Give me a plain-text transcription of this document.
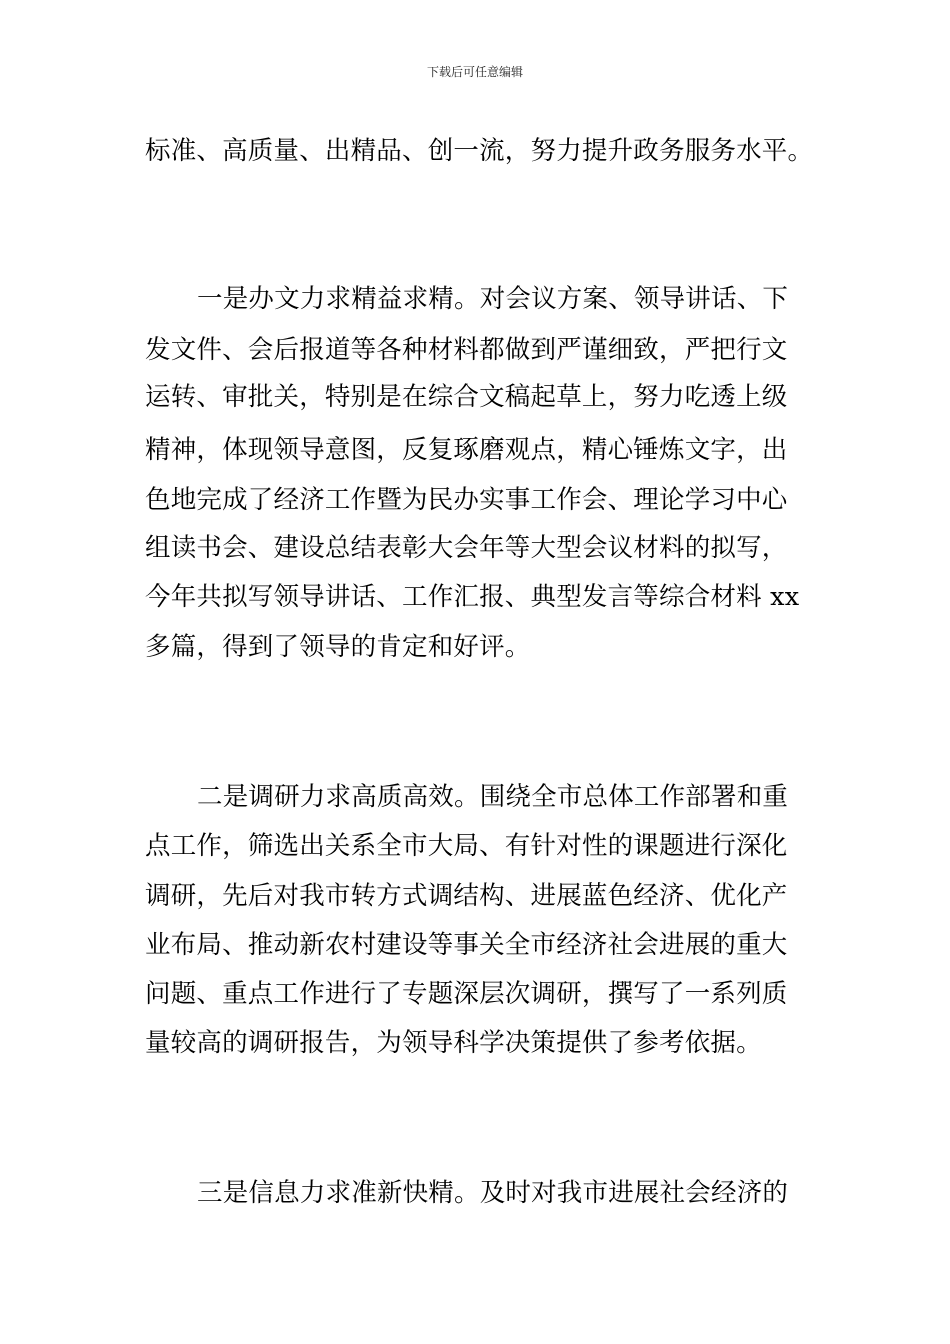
下载后可任意编辑
标准、高质量、出精品、创一流，努力提升政务服务水平。
一是办文力求精益求精。对会议方案、领导讲话、下
发文件、会后报道等各种材料都做到严谨细致，严把行文
运转、审批关，特别是在综合文稿起草上，努力吃透上级
精神，体现领导意图，反复琢磨观点，精心锤炼文字，出
色地完成了经济工作暨为民办实事工作会、理论学习中心
组读书会、建设总结表彰大会年等大型会议材料的拟写，
今年共拟写领导讲话、工作汇报、典型发言等综合材料 xx
多篇，得到了领导的肯定和好评。
二是调研力求高质高效。围绕全市总体工作部署和重
点工作，筛选出关系全市大局、有针对性的课题进行深化
调研，先后对我市转方式调结构、进展蓝色经济、优化产
业布局、推动新农村建设等事关全市经济社会进展的重大
问题、重点工作进行了专题深层次调研，撰写了一系列质
量较高的调研报告，为领导科学决策提供了参考依据。
三是信息力求准新快精。及时对我市进展社会经济的
